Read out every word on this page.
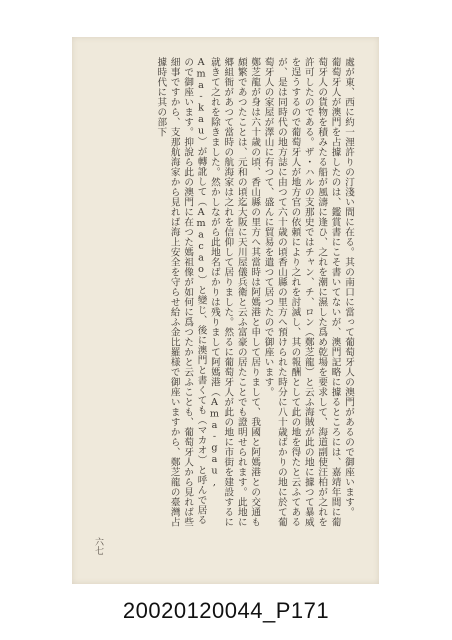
處が東、西に約一浬許りの汀淺い間に在る。其の南口に當って葡萄牙人の澳門があるので御座います。

葡萄牙人が澳門を占據したのは、鑑賞書にこそ書いてないが、澳門記略に據るところには、嘉靖年間に葡萄牙人の貨物を積みたる船が風濤に逢ひ、之れを潮に濕した爲め乾場を要求して、海道副使汪柏が之れを許可したのである。ザ・ハルの支那史ではチャン、チ、ロン（鄭芝龍）と云ふ海賊が此の地に據つて暴威を逞うするので葡萄牙人が地方官の依頼により之れを討滅し、其の報酬として此の地を得たと云ふてあるが、是は同時代の地方誌に由つて六十歳の頃香山縣の里方へ預けられた時分に八十歳ばかりの地に於て葡萄牙人の家屋が澤山に有つて、盛んに貿易を遣つて居つたので御座います。

鄭芝龍が身は六十歳の頃、香山縣の里方へ其當時は阿媽港と申して居りまして、我國と阿媽港との交通も頗繁であつたことは、元和の頃迄大阪に天川屋儀兵衛と云ふ富豪の居たことでも證明せられます。此地に郷組衙があつて當時の航海家は之れを信仰して居りました。然るに葡萄牙人が此の地に市街を建設するに就きて之れを除きました。然かしながら此地名ばかりは残りまして阿媽港（Ama-gau, Ama-kau）が轉訛して（Amacao）と變じ、後に澳門と書くても（マカオ）と呼んで居るので御座います。抑說ら此の澳門に在つた媽祖像が如何に爲つたかと云ふことも、葡萄牙人から見れば些細事ですから、支那航海家から見れば海上安全を守らせ給ふ金比羅様で御座いますから、鄭芝龍の臺灣占據時代に其の部下

六七
20020120044_P171
